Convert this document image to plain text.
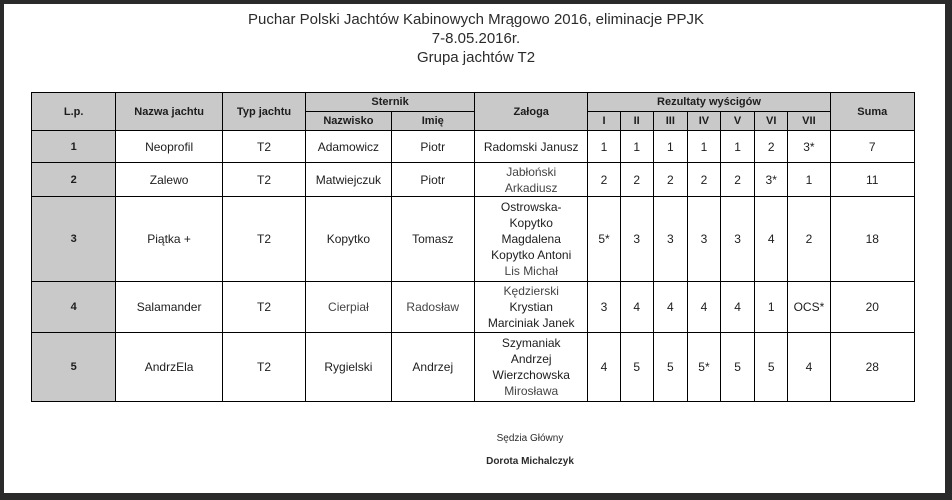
Puchar Polski Jachtów Kabinowych Mrągowo 2016, eliminacje PPJK
7-8.05.2016r.
Grupa jachtów T2
L.p.	Nazwa jachtu	Typ jachtu	Sternik		Załoga	Rezultaty wyścigów							Suma
			Nazwisko	Imię		I	II	III	IV	V	VI	VII	
1	Neoprofil	T2	Adamowicz	Piotr	Radomski Janusz	1	1	1	1	1	2	3*	7
2	Zalewo	T2	Matwiejczuk	Piotr	Jabłoński
Arkadiusz	2	2	2	2	2	3*	1	11
3	Piątka +	T2	Kopytko	Tomasz	Ostrowska-
Kopytko
Magdalena
Kopytko Antoni
Lis Michał	5*	3	3	3	3	4	2	18
4	Salamander	T2	Cierpiał	Radosław	Kędzierski
Krystian
Marciniak Janek	3	4	4	4	4	1	OCS*	20
5	AndrzEla	T2	Rygielski	Andrzej	Szymaniak
Andrzej
Wierzchowska
Mirosława	4	5	5	5*	5	5	4	28
Sędzia Główny
Dorota Michalczyk
